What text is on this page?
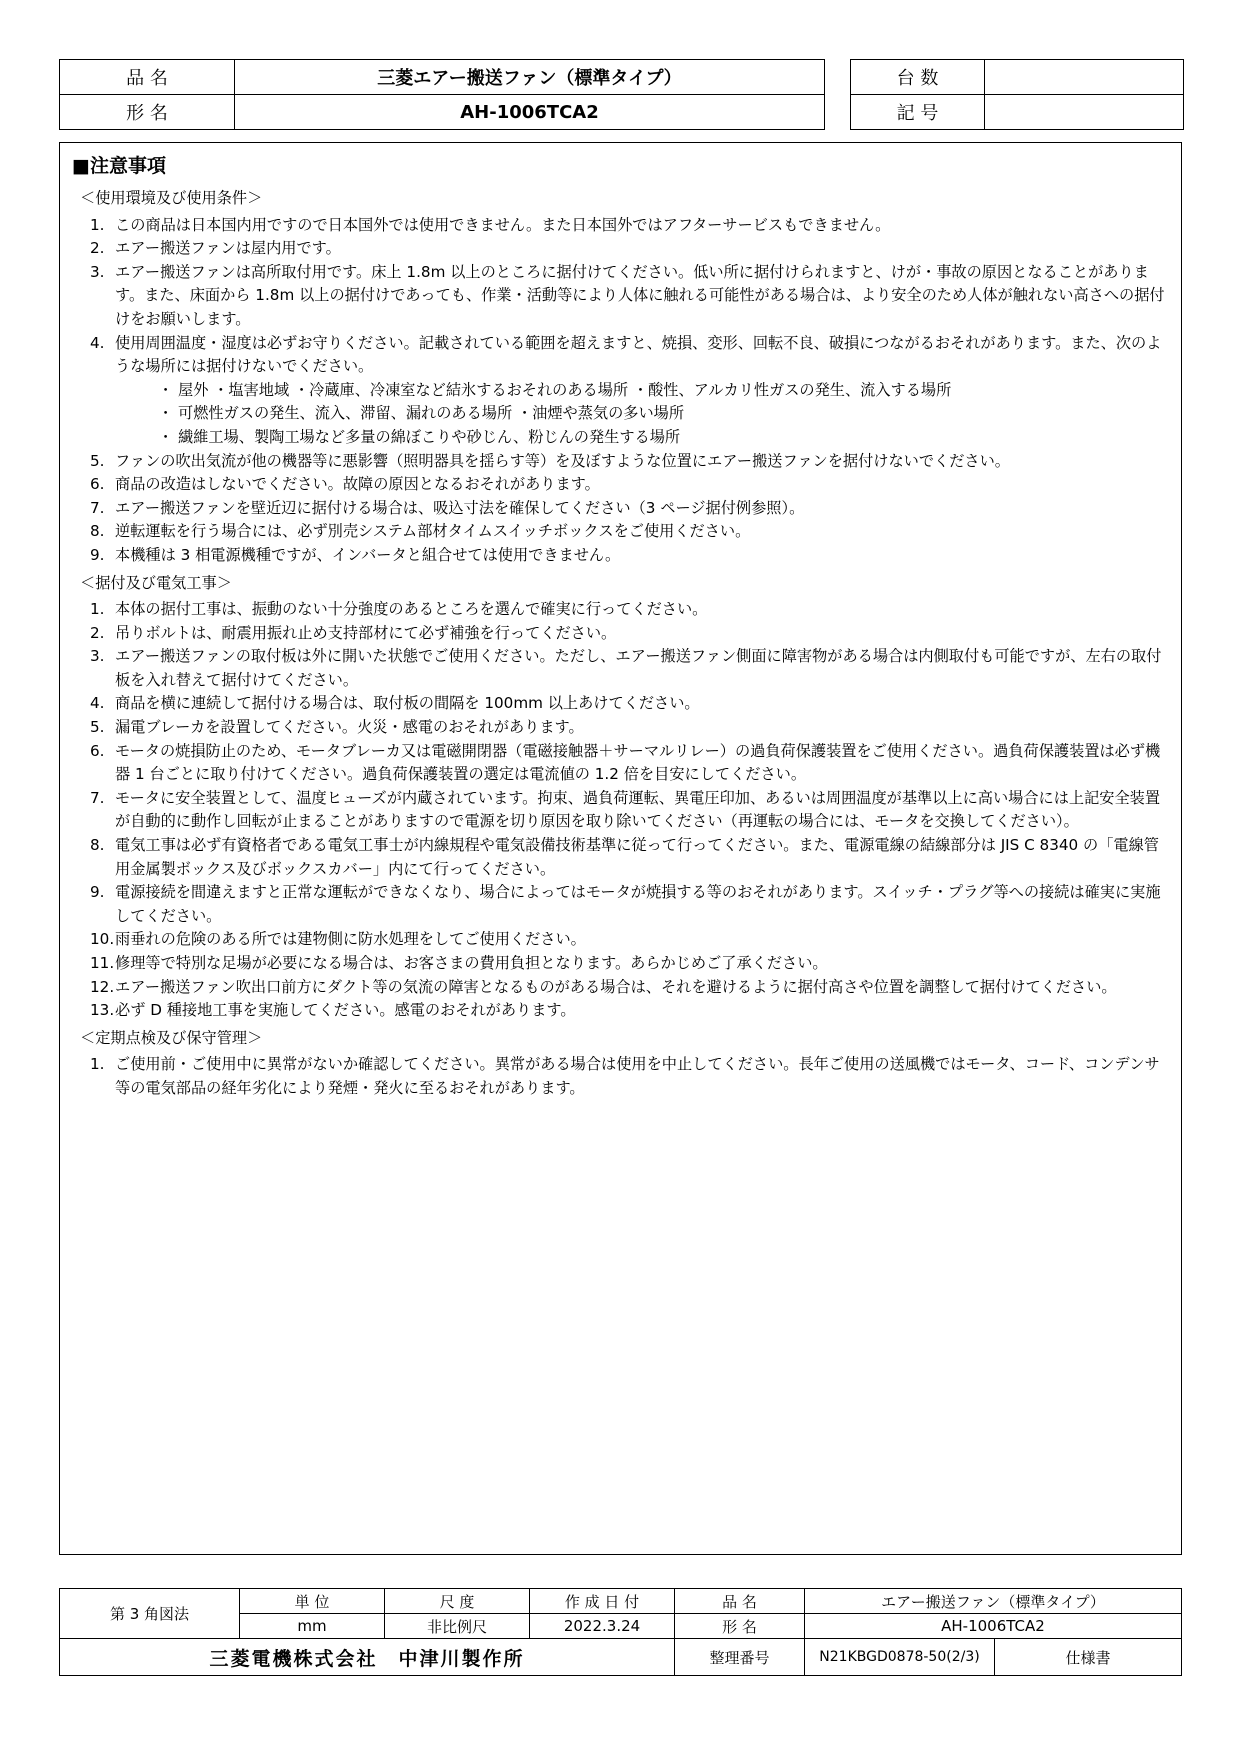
品 名	三菱エアー搬送ファン（標準タイプ）
形 名	AH-1006TCA2
台 数	
記 号	
■注意事項
＜使用環境及び使用条件＞
1. この商品は日本国内用ですので日本国外では使用できません。また日本国外ではアフターサービスもできません。
2. エアー搬送ファンは屋内用です。
3. エアー搬送ファンは高所取付用です。床上 1.8m 以上のところに据付けてください。低い所に据付けられますと、けが・事故の原因となることがあります。また、床面から 1.8m 以上の据付けであっても、作業・活動等により人体に触れる可能性がある場合は、より安全のため人体が触れない高さへの据付けをお願いします。
4. 使用周囲温度・湿度は必ずお守りください。記載されている範囲を超えますと、焼損、変形、回転不良、破損につながるおそれがあります。また、次のような場所には据付けないでください。
・ 屋外 ・塩害地域 ・冷蔵庫、冷凍室など結氷するおそれのある場所 ・酸性、アルカリ性ガスの発生、流入する場所
・ 可燃性ガスの発生、流入、滞留、漏れのある場所 ・油煙や蒸気の多い場所
・ 繊維工場、製陶工場など多量の綿ぼこりや砂じん、粉じんの発生する場所
5. ファンの吹出気流が他の機器等に悪影響（照明器具を揺らす等）を及ぼすような位置にエアー搬送ファンを据付けないでください。
6. 商品の改造はしないでください。故障の原因となるおそれがあります。
7. エアー搬送ファンを壁近辺に据付ける場合は、吸込寸法を確保してください（3 ページ据付例参照）。
8. 逆転運転を行う場合には、必ず別売システム部材タイムスイッチボックスをご使用ください。
9. 本機種は 3 相電源機種ですが、インバータと組合せては使用できません。
＜据付及び電気工事＞
1. 本体の据付工事は、振動のない十分強度のあるところを選んで確実に行ってください。
2. 吊りボルトは、耐震用振れ止め支持部材にて必ず補強を行ってください。
3. エアー搬送ファンの取付板は外に開いた状態でご使用ください。ただし、エアー搬送ファン側面に障害物がある場合は内側取付も可能ですが、左右の取付板を入れ替えて据付けてください。
4. 商品を横に連続して据付ける場合は、取付板の間隔を 100mm 以上あけてください。
5. 漏電ブレーカを設置してください。火災・感電のおそれがあります。
6. モータの焼損防止のため、モータブレーカ又は電磁開閉器（電磁接触器＋サーマルリレー）の過負荷保護装置をご使用ください。過負荷保護装置は必ず機器 1 台ごとに取り付けてください。過負荷保護装置の選定は電流値の 1.2 倍を目安にしてください。
7. モータに安全装置として、温度ヒューズが内蔵されています。拘束、過負荷運転、異電圧印加、あるいは周囲温度が基準以上に高い場合には上記安全装置が自動的に動作し回転が止まることがありますので電源を切り原因を取り除いてください（再運転の場合には、モータを交換してください）。
8. 電気工事は必ず有資格者である電気工事士が内線規程や電気設備技術基準に従って行ってください。また、電源電線の結線部分は JIS C 8340 の「電線管用金属製ボックス及びボックスカバー」内にて行ってください。
9. 電源接続を間違えますと正常な運転ができなくなり、場合によってはモータが焼損する等のおそれがあります。スイッチ・プラグ等への接続は確実に実施してください。
10. 雨垂れの危険のある所では建物側に防水処理をしてご使用ください。
11. 修理等で特別な足場が必要になる場合は、お客さまの費用負担となります。あらかじめご了承ください。
12. エアー搬送ファン吹出口前方にダクト等の気流の障害となるものがある場合は、それを避けるように据付高さや位置を調整して据付けてください。
13. 必ず D 種接地工事を実施してください。感電のおそれがあります。
＜定期点検及び保守管理＞
1. ご使用前・ご使用中に異常がないか確認してください。異常がある場合は使用を中止してください。長年ご使用の送風機ではモータ、コード、コンデンサ等の電気部品の経年劣化により発煙・発火に至るおそれがあります。
第 3 角図法	単 位	尺 度	作 成 日 付	品 名	エアー搬送ファン（標準タイプ）	
	mm	非比例尺	2022.3.24	形 名	AH-1006TCA2	
三菱電機株式会社　中津川製作所				整理番号	N21KBGD0878-50(2/3)	仕様書
